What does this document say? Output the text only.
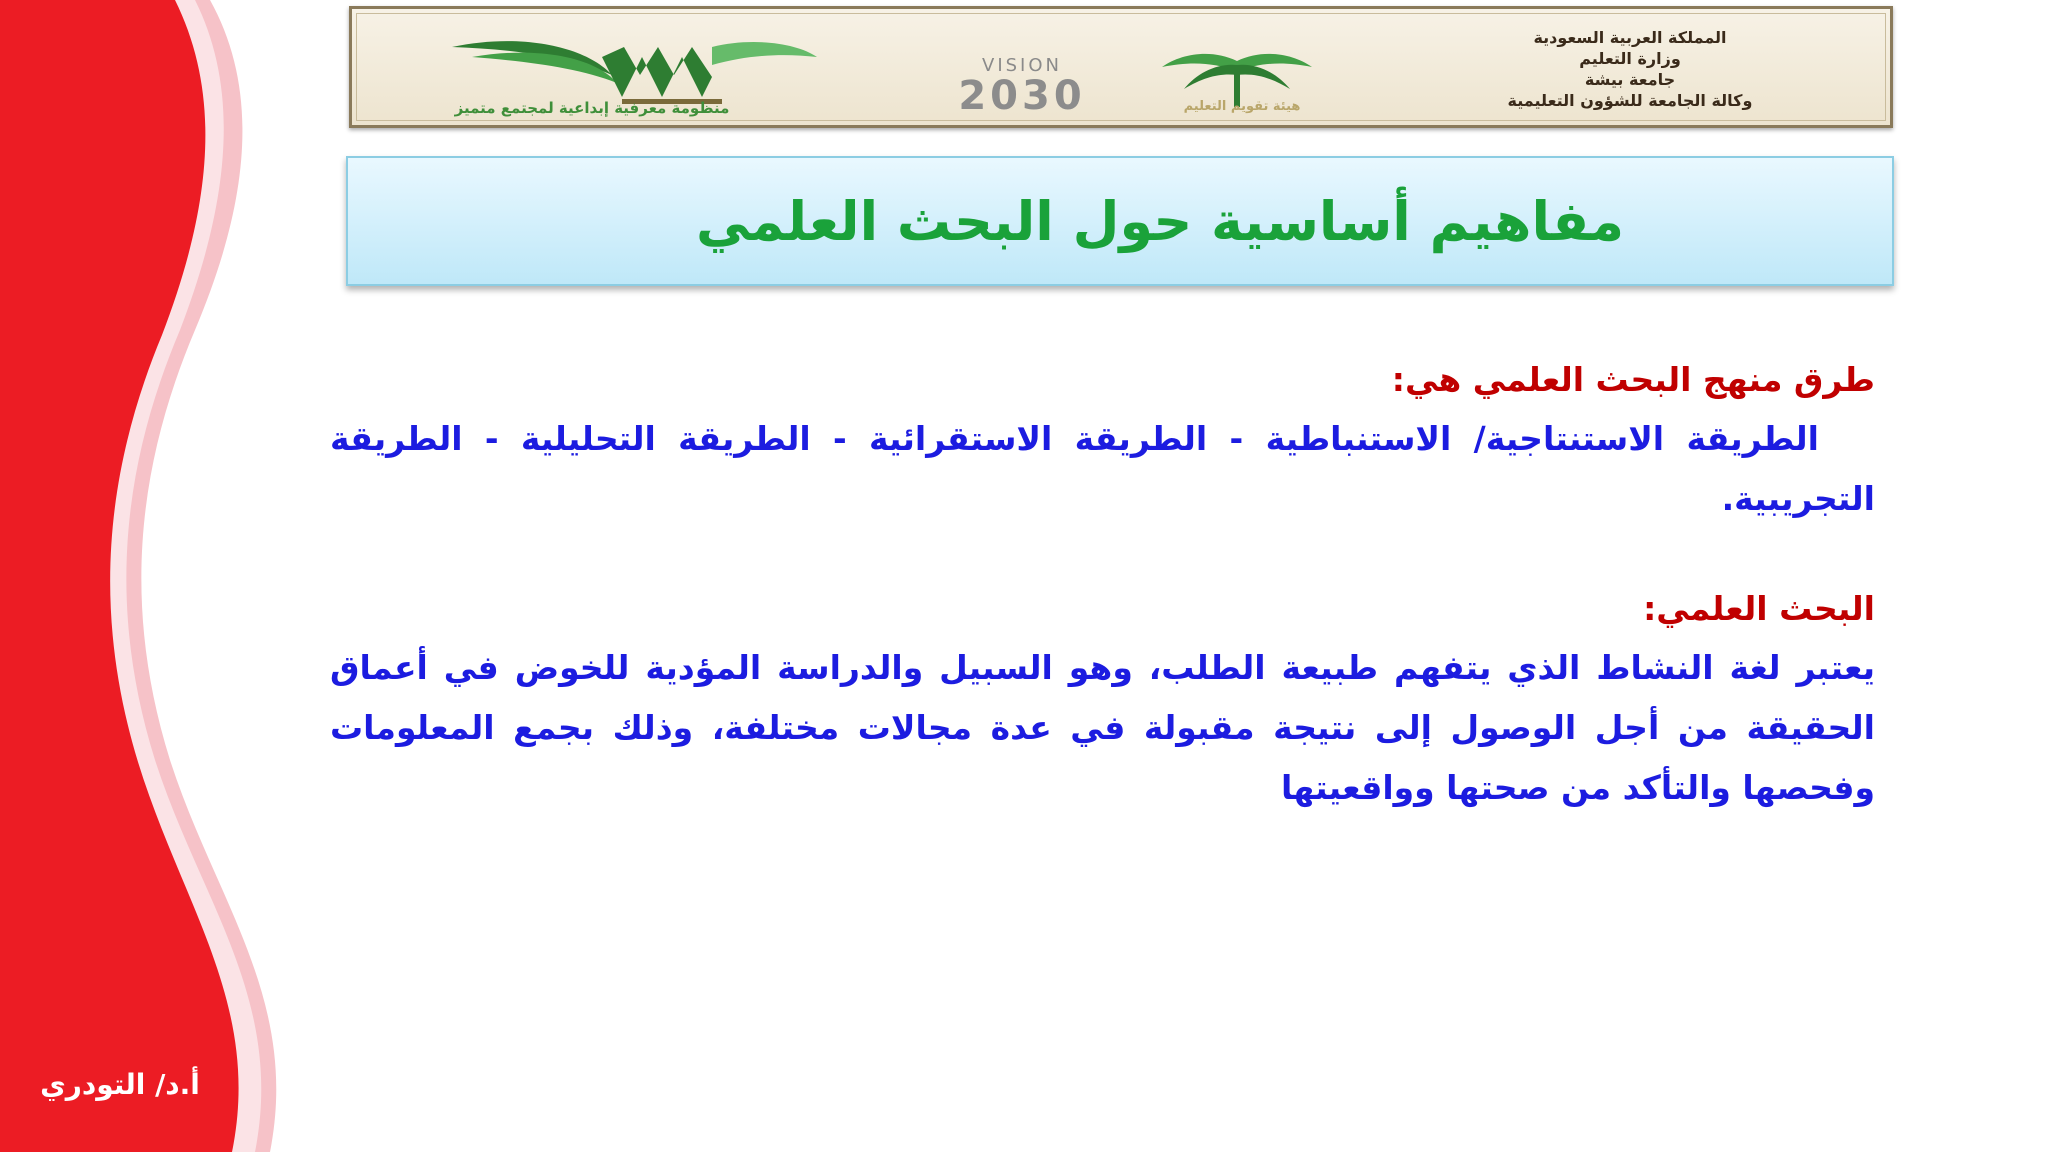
أ.د/ التودري
المملكة العربية السعودية
وزارة التعليم
جامعة بيشة
وكالة الجامعة للشؤون التعليمية
منظومة معرفية إبداعية لمجتمع متميز
VISION
2030	هيئة تقويم التعليم
مفاهيم أساسية حول البحث العلمي
طرق منهج البحث العلمي هي:

الطريقة الاستنتاجية/ الاستنباطية - الطريقة الاستقرائية - الطريقة التحليلية - الطريقة التجريبية.

البحث العلمي:

يعتبر لغة النشاط الذي يتفهم طبيعة الطلب، وهو السبيل والدراسة المؤدية للخوض في أعماق الحقيقة من أجل الوصول إلى نتيجة مقبولة في عدة مجالات مختلفة، وذلك بجمع المعلومات وفحصها والتأكد من صحتها وواقعيتها
